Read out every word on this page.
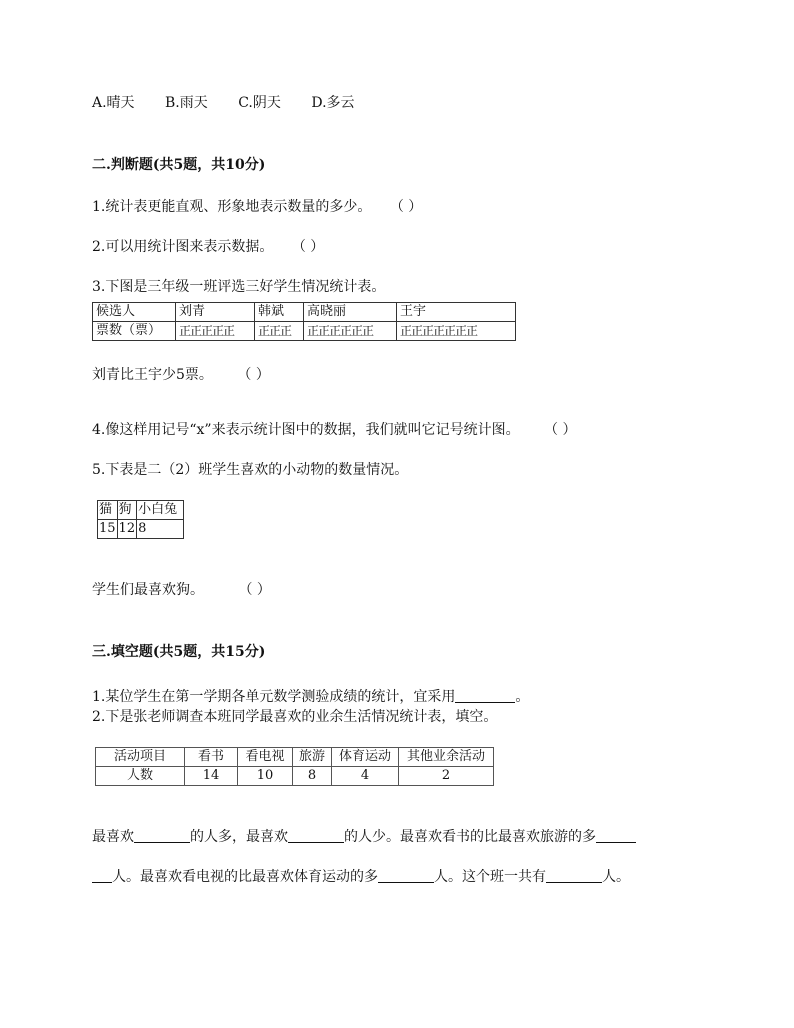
A.晴天 B.雨天 C.阴天 D.多云
二.判断题(共5题，共10分)
1.统计表更能直观、形象地表示数量的多少。 （ ）
2.可以用统计图来表示数据。 （ ）
3.下图是三年级一班评选三好学生情况统计表。
候选人	刘青	韩斌	高晓丽	王宇
票数（票）	正正正正正	正正正	正正正正正正	正正正正正正正
刘青比王宇少5票。 （ ）
4.像这样用记号“x”来表示统计图中的数据，我们就叫它记号统计图。 （ ）
5.下表是二（2）班学生喜欢的小动物的数量情况。
猫	狗	小白兔
15	12	8
学生们最喜欢狗。 （ ）
三.填空题(共5题，共15分)
1.某位学生在第一学期各单元数学测验成绩的统计，宜采用	。
2.下是张老师调查本班同学最喜欢的业余生活情况统计表，填空。
活动项目	看书	看电视	旅游	体育运动	其他业余活动
人数	14	10	8	4	2
最喜欢	的人多，最喜欢	的人少。最喜欢看书的比最喜欢旅游的多
人。最喜欢看电视的比最喜欢体育运动的多	人。这个班一共有	人。
